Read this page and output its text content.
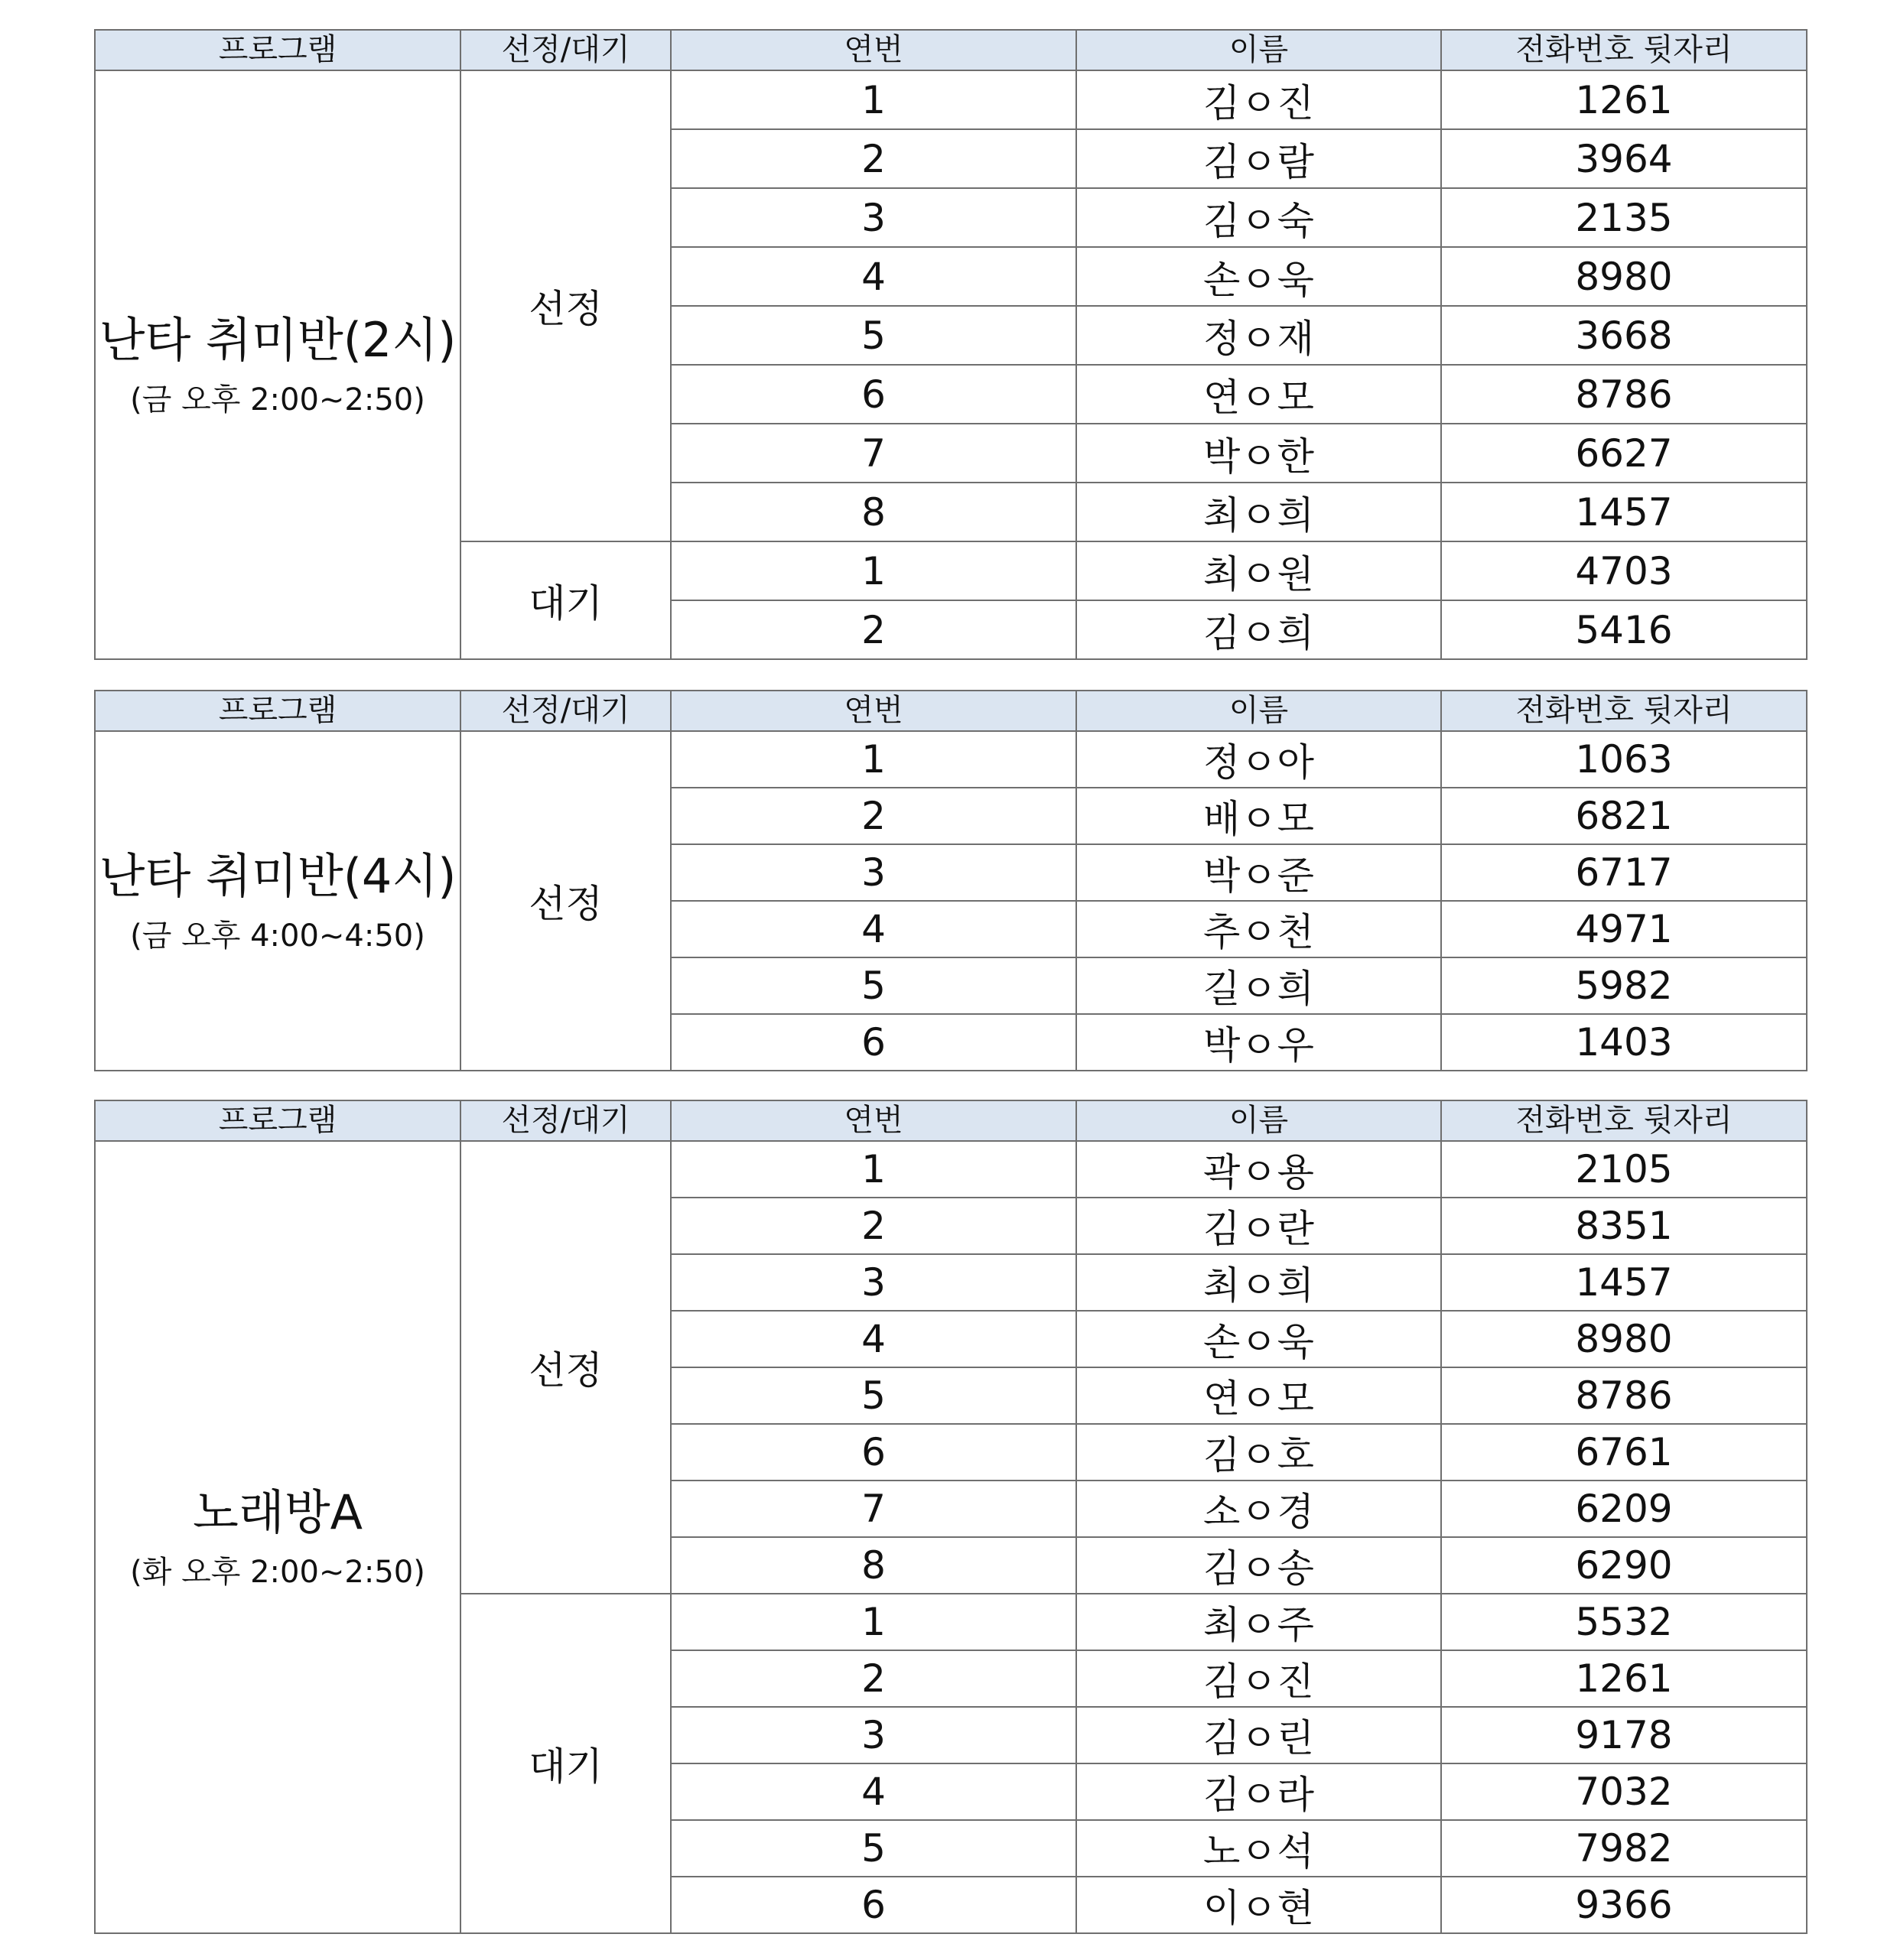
프로그램	선정/대기	연번	이름	전화번호 뒷자리

난타 취미반(2시)
(금 오후 2:00~2:50)	선정	1	김ㅇ진	1261
		2	김ㅇ람	3964
		3	김ㅇ숙	2135
		4	손ㅇ욱	8980
		5	정ㅇ재	3668
		6	연ㅇ모	8786
		7	박ㅇ한	6627
		8	최ㅇ희	1457
	대기	1	최ㅇ원	4703
		2	김ㅇ희	5416
프로그램	선정/대기	연번	이름	전화번호 뒷자리

난타 취미반(4시)
(금 오후 4:00~4:50)	선정	1	정ㅇ아	1063
		2	배ㅇ모	6821
		3	박ㅇ준	6717
		4	추ㅇ천	4971
		5	길ㅇ희	5982
		6	박ㅇ우	1403
프로그램	선정/대기	연번	이름	전화번호 뒷자리

노래방A
(화 오후 2:00~2:50)	선정	1	곽ㅇ용	2105
		2	김ㅇ란	8351
		3	최ㅇ희	1457
		4	손ㅇ욱	8980
		5	연ㅇ모	8786
		6	김ㅇ호	6761
		7	소ㅇ경	6209
		8	김ㅇ송	6290
	대기	1	최ㅇ주	5532
		2	김ㅇ진	1261
		3	김ㅇ린	9178
		4	김ㅇ라	7032
		5	노ㅇ석	7982
		6	이ㅇ현	9366
